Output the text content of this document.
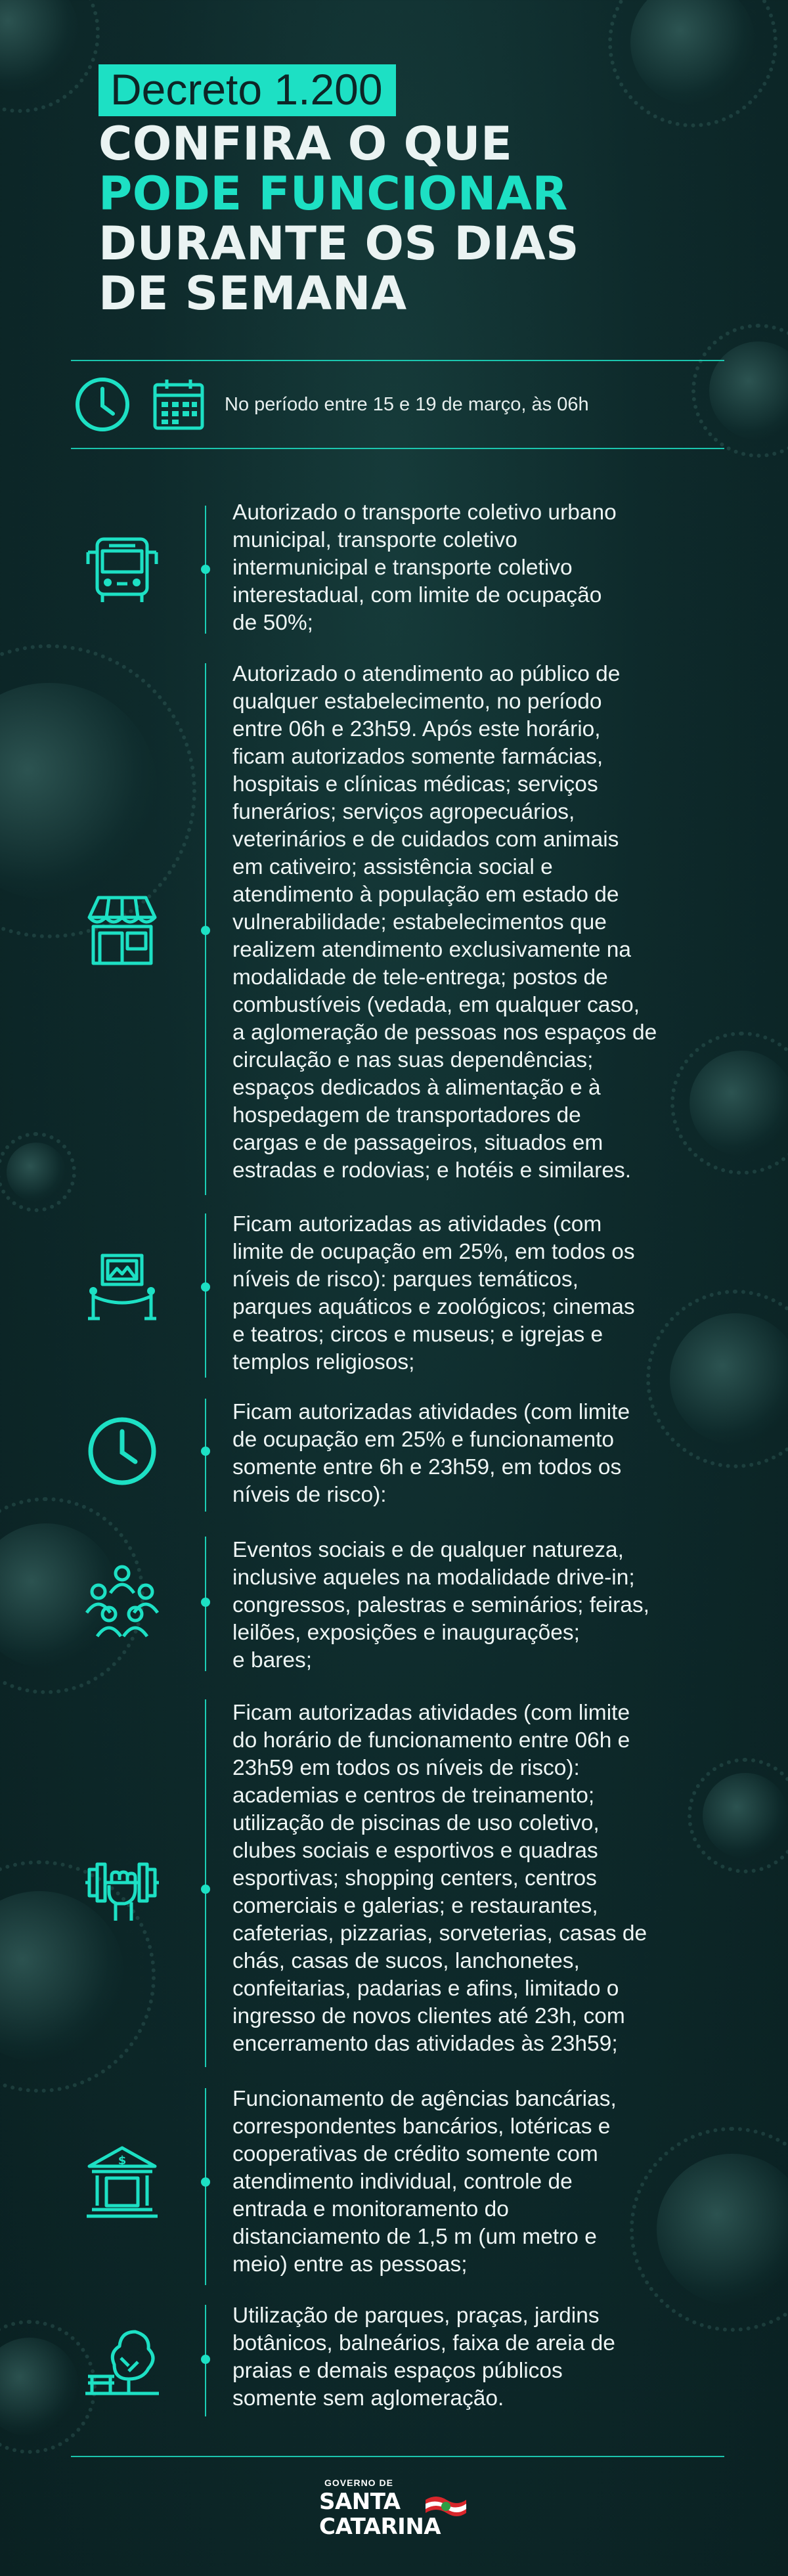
Decreto 1.200
CONFIRA O QUE
PODE FUNCIONAR
DURANTE OS DIAS
DE SEMANA
No período entre 15 e 19 de março, às 06h
Autorizado o transporte coletivo urbano
municipal, transporte coletivo
intermunicipal e transporte coletivo
interestadual, com limite de ocupação
de 50%;
Autorizado o atendimento ao público de
qualquer estabelecimento, no período
entre 06h e 23h59. Após este horário,
ficam autorizados somente farmácias,
hospitais e clínicas médicas; serviços
funerários; serviços agropecuários,
veterinários e de cuidados com animais
em cativeiro; assistência social e
atendimento à população em estado de
vulnerabilidade; estabelecimentos que
realizem atendimento exclusivamente na
modalidade de tele-entrega; postos de
combustíveis (vedada, em qualquer caso,
a aglomeração de pessoas nos espaços de
circulação e nas suas dependências;
espaços dedicados à alimentação e à
hospedagem de transportadores de
cargas e de passageiros, situados em
estradas e rodovias; e hotéis e similares.
Ficam autorizadas as atividades (com
limite de ocupação em 25%, em todos os
níveis de risco): parques temáticos,
parques aquáticos e zoológicos; cinemas
e teatros; circos e museus; e igrejas e
templos religiosos;
Ficam autorizadas atividades (com limite
de ocupação em 25% e funcionamento
somente entre 6h e 23h59, em todos os
níveis de risco):
Eventos sociais e de qualquer natureza,
inclusive aqueles na modalidade drive-in;
congressos, palestras e seminários; feiras,
leilões, exposições e inaugurações;
e bares;
Ficam autorizadas atividades (com limite
do horário de funcionamento entre 06h e
23h59 em todos os níveis de risco):
academias e centros de treinamento;
utilização de piscinas de uso coletivo,
clubes sociais e esportivos e quadras
esportivas; shopping centers, centros
comerciais e galerias; e restaurantes,
cafeterias, pizzarias, sorveterias, casas de
chás, casas de sucos, lanchonetes,
confeitarias, padarias e afins, limitado o
ingresso de novos clientes até 23h, com
encerramento das atividades às 23h59;
$
Funcionamento de agências bancárias,
correspondentes bancários, lotéricas e
cooperativas de crédito somente com
atendimento individual, controle de
entrada e monitoramento do
distanciamento de 1,5 m (um metro e
meio) entre as pessoas;
Utilização de parques, praças, jardins
botânicos, balneários, faixa de areia de
praias e demais espaços públicos
somente sem aglomeração.
GOVERNO DE
SANTA
CATARINA
